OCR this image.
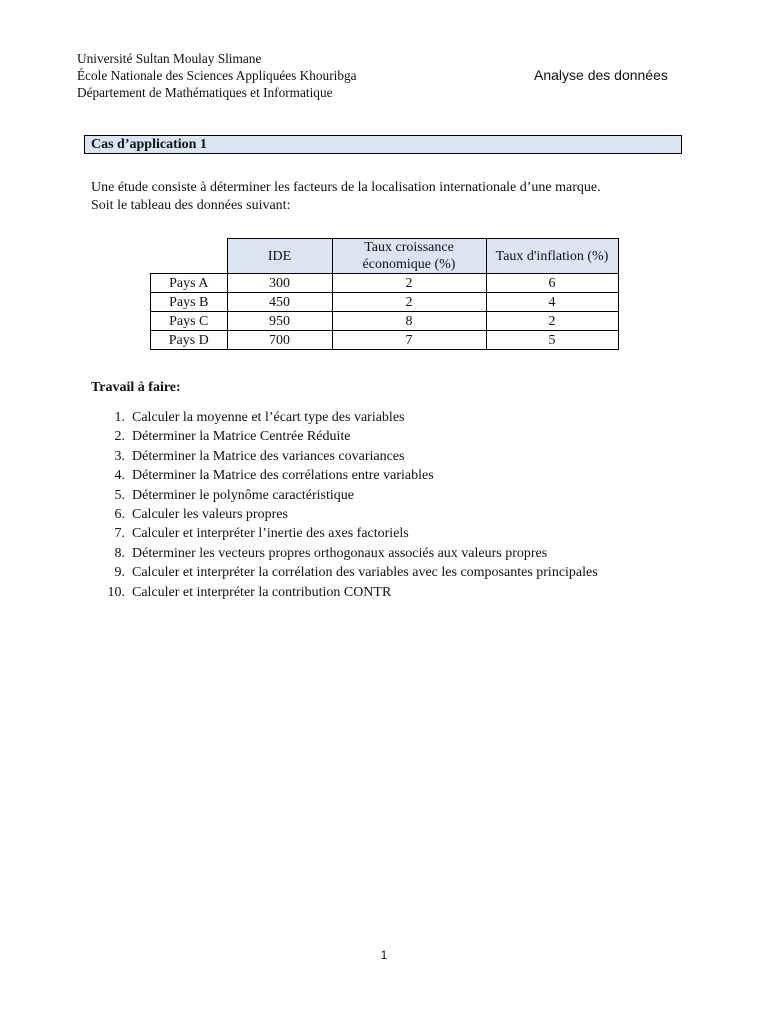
Université Sultan Moulay Slimane
École Nationale des Sciences Appliquées Khouribga
Département de Mathématiques et Informatique
Analyse des données
Cas d’application 1
Une étude consiste à déterminer les facteurs de la localisation internationale d’une marque.
Soit le tableau des données suivant:
	IDE	Taux croissance économique (%)	Taux d'inflation (%)
Pays A	300	2	6
Pays B	450	2	4
Pays C	950	8	2
Pays D	700	7	5
Travail à faire:
1. Calculer la moyenne et l’écart type des variables
2. Déterminer la Matrice Centrée Réduite
3. Déterminer la Matrice des variances covariances
4. Déterminer la Matrice des corrélations entre variables
5. Déterminer le polynôme caractéristique
6. Calculer les valeurs propres
7. Calculer et interpréter l’inertie des axes factoriels
8. Déterminer les vecteurs propres orthogonaux associés aux valeurs propres
9. Calculer et interpréter la corrélation des variables avec les composantes principales
10. Calculer et interpréter la contribution CONTR
1
